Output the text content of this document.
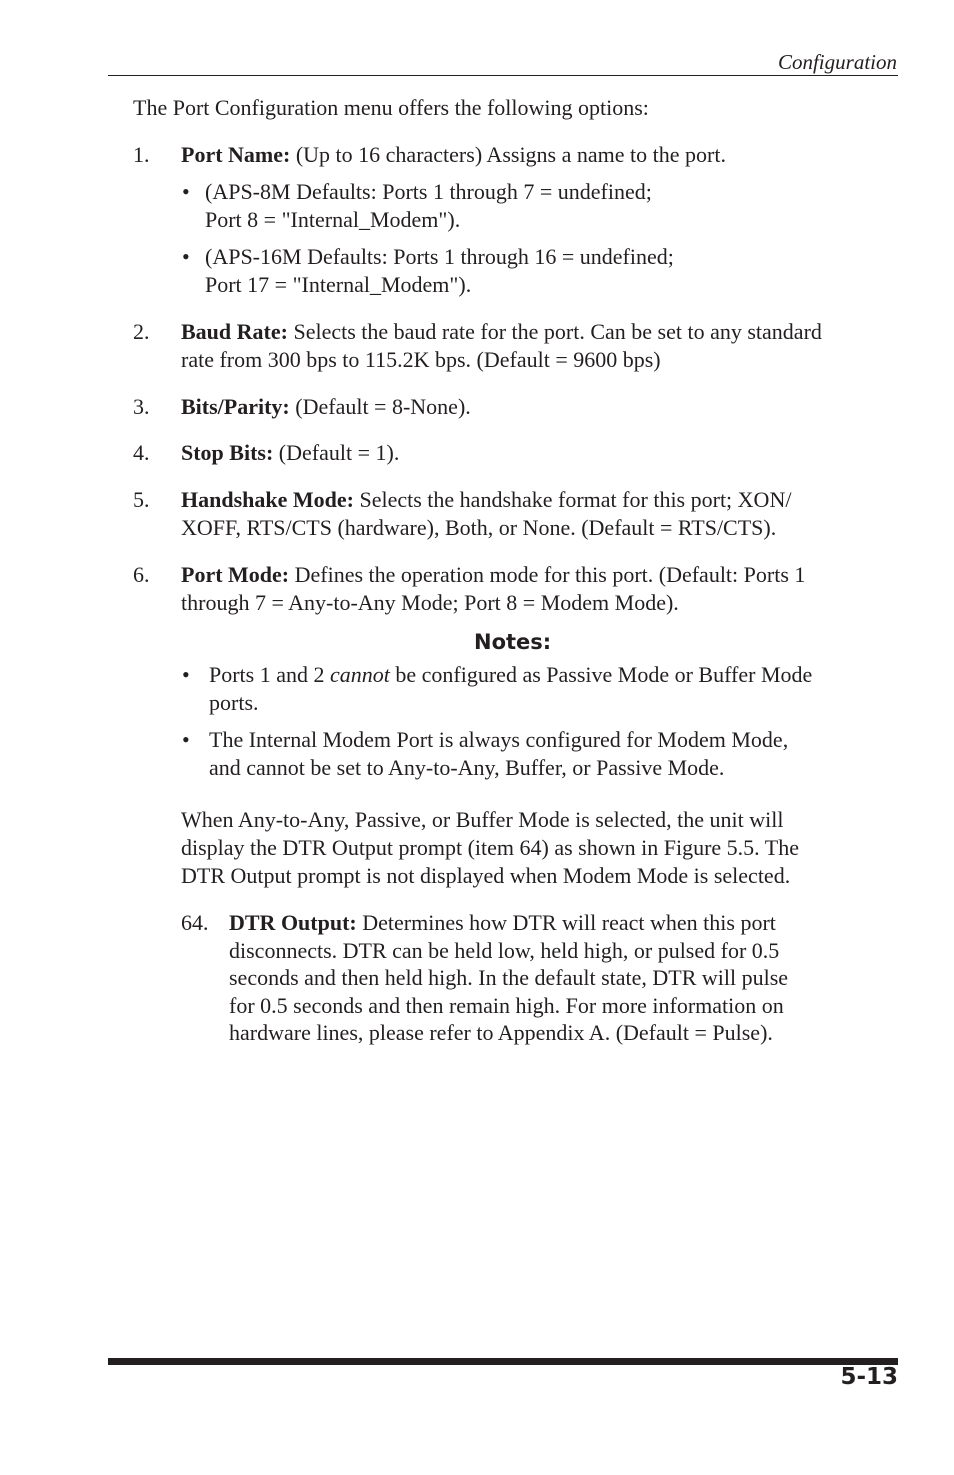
Configuration
The Port Configuration menu offers the following options:
1. Port Name: (Up to 16 characters) Assigns a name to the port.
• (APS-8M Defaults: Ports 1 through 7 = undefined;
Port 8 = "Internal_Modem").
• (APS-16M Defaults: Ports 1 through 16 = undefined;
Port 17 = "Internal_Modem").
2. Baud Rate: Selects the baud rate for the port. Can be set to any standard
rate from 300 bps to 115.2K bps. (Default = 9600 bps)
3. Bits/Parity: (Default = 8-None).
4. Stop Bits: (Default = 1).
5. Handshake Mode: Selects the handshake format for this port; XON/
XOFF, RTS/CTS (hardware), Both, or None. (Default = RTS/CTS).
6. Port Mode: Defines the operation mode for this port. (Default: Ports 1
through 7 = Any-to-Any Mode; Port 8 = Modem Mode).
Notes:
• Ports 1 and 2 cannot be configured as Passive Mode or Buffer Mode
ports.
• The Internal Modem Port is always configured for Modem Mode,
and cannot be set to Any-to-Any, Buffer, or Passive Mode.
When Any-to-Any, Passive, or Buffer Mode is selected, the unit will
display the DTR Output prompt (item 64) as shown in Figure 5.5. The
DTR Output prompt is not displayed when Modem Mode is selected.
64. DTR Output: Determines how DTR will react when this port
disconnects. DTR can be held low, held high, or pulsed for 0.5
seconds and then held high. In the default state, DTR will pulse
for 0.5 seconds and then remain high. For more information on
hardware lines, please refer to Appendix A. (Default = Pulse).
5-13
